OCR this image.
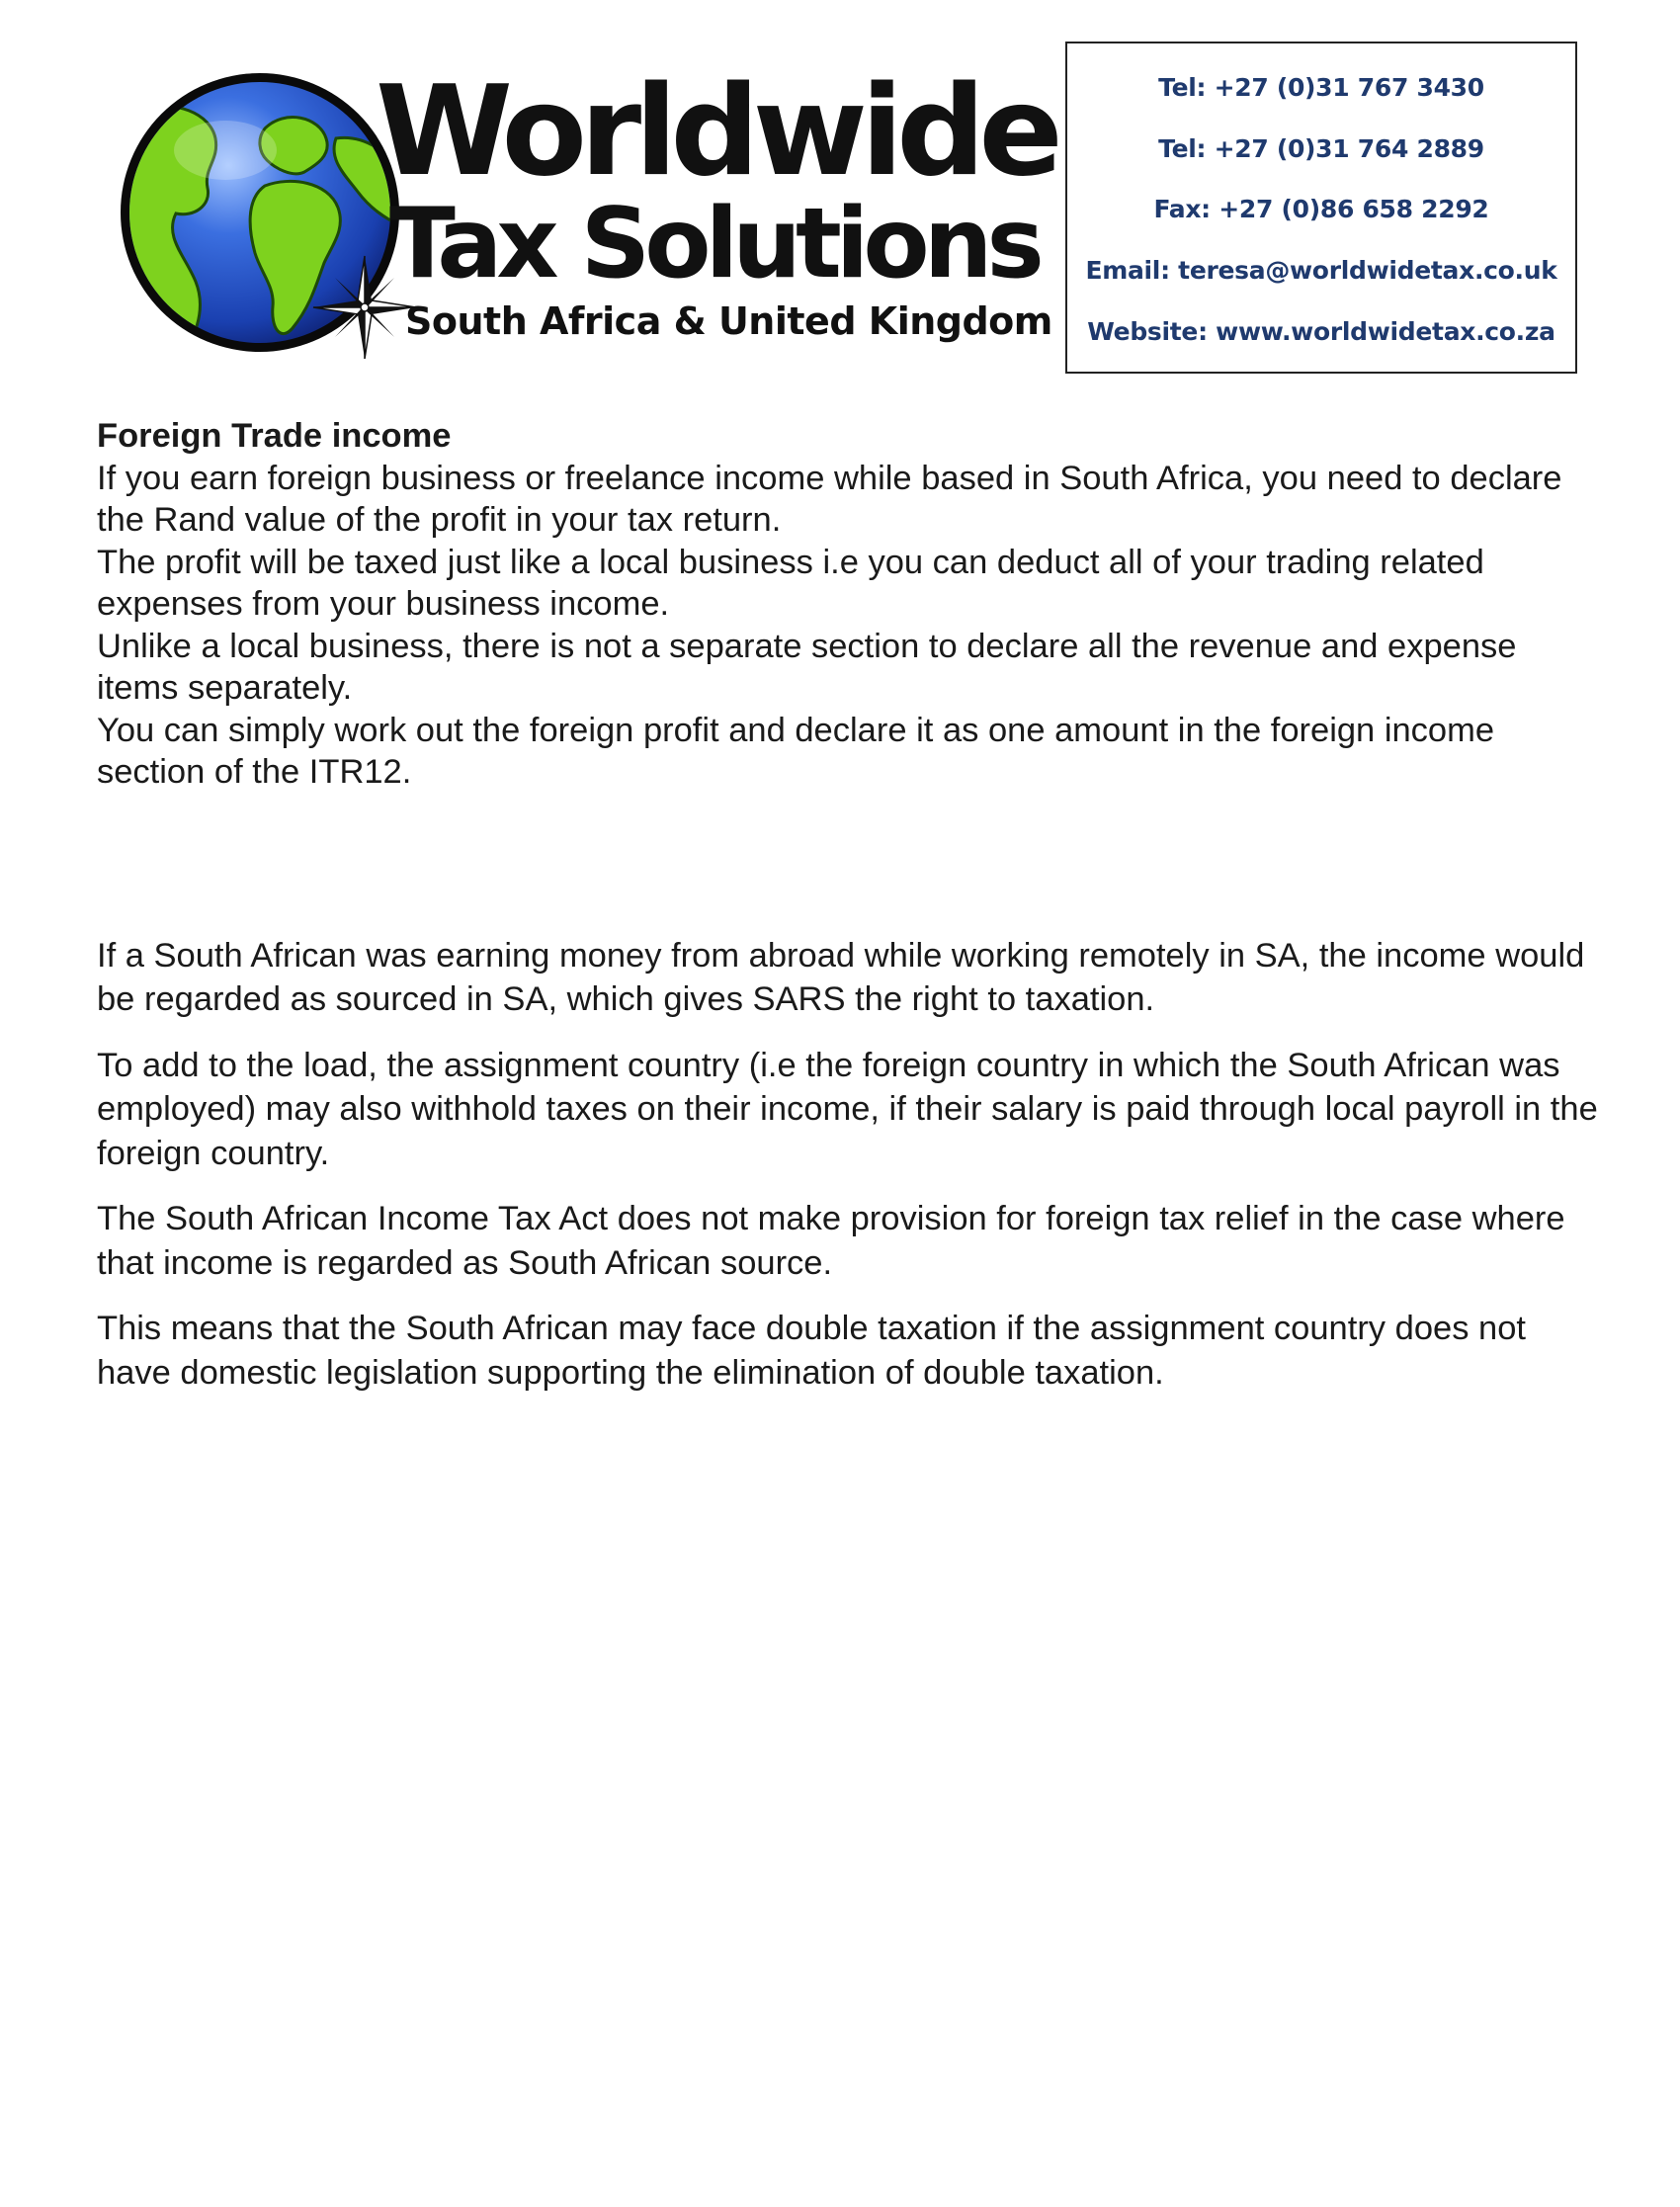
Worldwide
Tax Solutions
South Africa & United Kingdom
Tel: +27 (0)31 767 3430
Tel: +27 (0)31 764 2889
Fax: +27 (0)86 658 2292
Email: teresa@worldwidetax.co.uk
Website: www.worldwidetax.co.za
Foreign Trade income

If you earn foreign business or freelance income while based in South Africa, you need to declare the Rand value of the profit in your tax return.

The profit will be taxed just like a local business i.e you can deduct all of your trading related expenses from your business income.

Unlike a local business, there is not a separate section to declare all the revenue and expense items separately.

You can simply work out the foreign profit and declare it as one amount in the foreign income section of the ITR12.

If a South African was earning money from abroad while working remotely in SA, the income would be regarded as sourced in SA, which gives SARS the right to taxation.

To add to the load, the assignment country (i.e the foreign country in which the South African was employed) may also withhold taxes on their income, if their salary is paid through local payroll in the foreign country.

The South African Income Tax Act does not make provision for foreign tax relief in the case where that income is regarded as South African source.

This means that the South African may face double taxation if the assignment country does not have domestic legislation supporting the elimination of double taxation.
